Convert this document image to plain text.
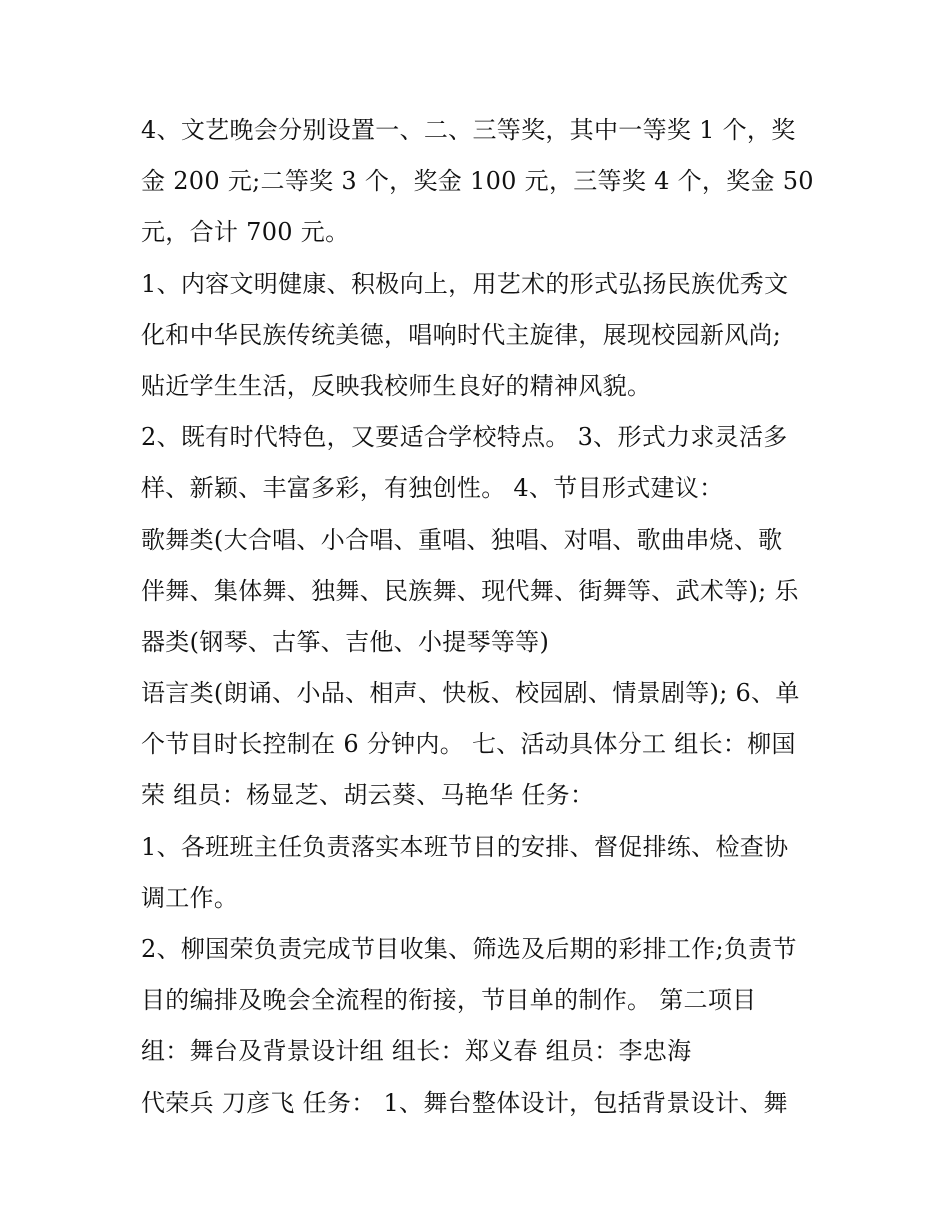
4、文艺晚会分别设置一、二、三等奖，其中一等奖 1 个，奖
金 200 元;二等奖 3 个，奖金 100 元，三等奖 4 个，奖金 50
元，合计 700 元。
1、内容文明健康、积极向上，用艺术的形式弘扬民族优秀文
化和中华民族传统美德，唱响时代主旋律，展现校园新风尚;
贴近学生生活，反映我校师生良好的精神风貌。
2、既有时代特色，又要适合学校特点。 3、形式力求灵活多
样、新颖、丰富多彩，有独创性。 4、节目形式建议：
歌舞类(大合唱、小合唱、重唱、独唱、对唱、歌曲串烧、歌
伴舞、集体舞、独舞、民族舞、现代舞、街舞等、武术等); 乐
器类(钢琴、古筝、吉他、小提琴等等)
语言类(朗诵、小品、相声、快板、校园剧、情景剧等); 6、单
个节目时长控制在 6 分钟内。 七、活动具体分工 组长：柳国
荣 组员：杨显芝、胡云葵、马艳华 任务：
1、各班班主任负责落实本班节目的安排、督促排练、检查协
调工作。
2、柳国荣负责完成节目收集、筛选及后期的彩排工作;负责节
目的编排及晚会全流程的衔接，节目单的制作。 第二项目
组：舞台及背景设计组 组长：郑义春 组员：李忠海
代荣兵 刀彦飞 任务： 1、舞台整体设计，包括背景设计、舞
